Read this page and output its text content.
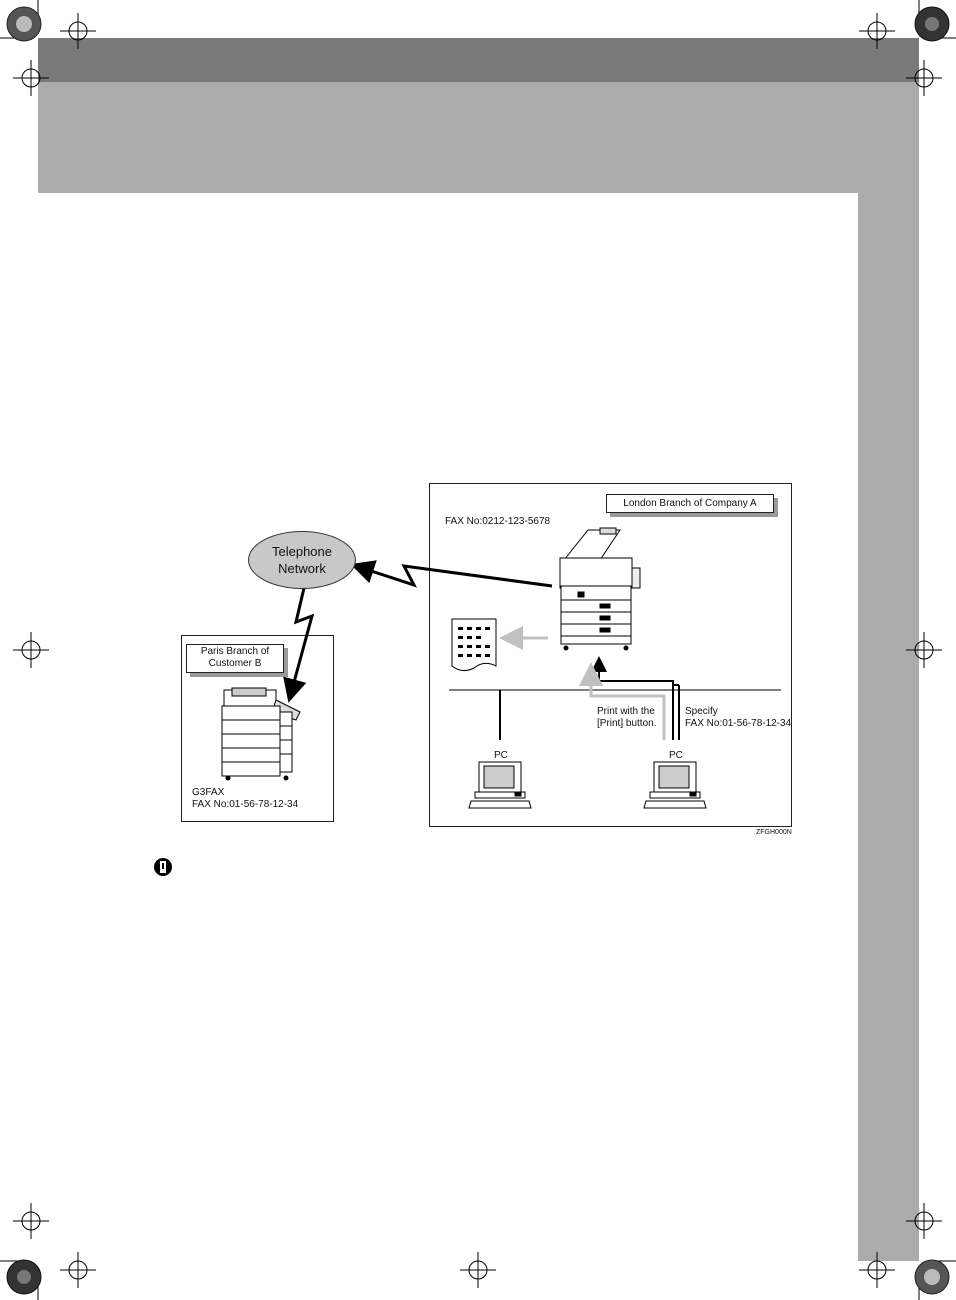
Telephone
Network
London Branch of Company A
FAX No:0212-123-5678
Paris Branch of
Customer B
G3FAX
FAX No:01-56-78-12-34
PC	PC
Print with the
[Print] button.
Specify
FAX No:01-56-78-12-34
ZFGH000N
